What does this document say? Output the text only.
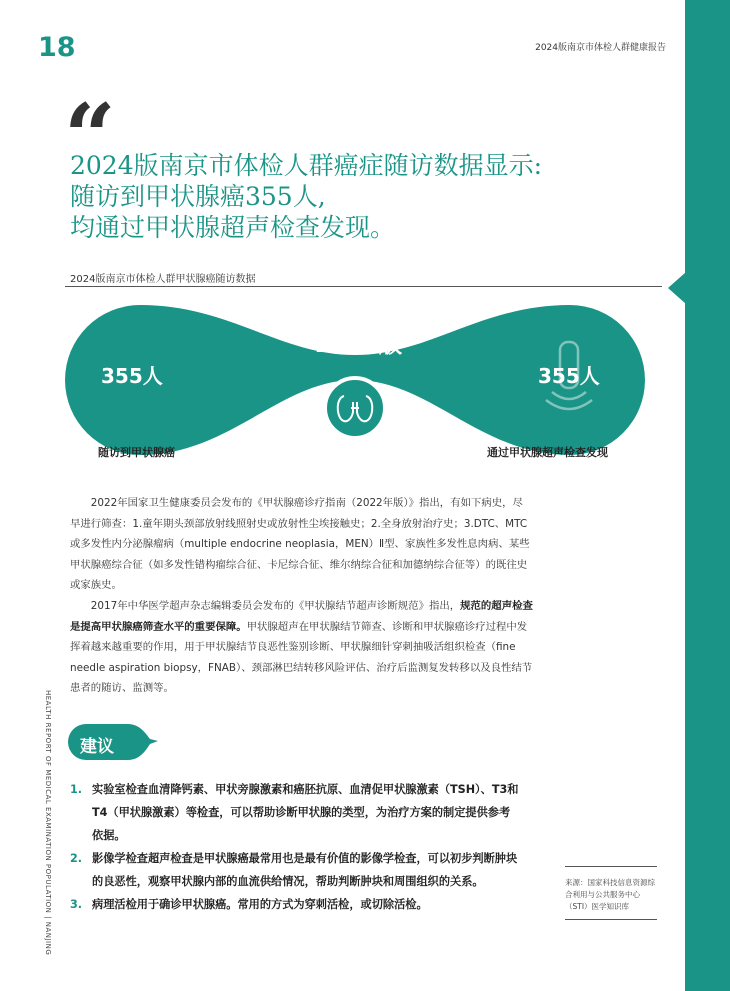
18	2024版南京市体检人群健康报告
“
2024版南京市体检人群癌症随访数据显示:
随访到甲状腺癌355人,
均通过甲状腺超声检查发现。
2024版南京市体检人群甲状腺癌随访数据
2024版
355人	355人
随访到甲状腺癌	通过甲状腺超声检查发现

2022年国家卫生健康委员会发布的《甲状腺癌诊疗指南（2022年版）》指出，有如下病史，尽早进行筛查：1.童年期头颈部放射线照射史或放射性尘埃接触史；2.全身放射治疗史；3.DTC、MTC或多发性内分泌腺瘤病（multiple endocrine neoplasia，MEN）Ⅱ型、家族性多发性息肉病、某些甲状腺癌综合征（如多发性错构瘤综合征、卡尼综合征、维尔纳综合征和加德纳综合征等）的既往史或家族史。

2017年中华医学超声杂志编辑委员会发布的《甲状腺结节超声诊断规范》指出，规范的超声检查是提高甲状腺癌筛查水平的重要保障。甲状腺超声在甲状腺结节筛查、诊断和甲状腺癌诊疗过程中发挥着越来越重要的作用，用于甲状腺结节良恶性鉴别诊断、甲状腺细针穿刺抽吸活组织检查（fine needle aspiration biopsy，FNAB）、颈部淋巴结转移风险评估、治疗后监测复发转移以及良性结节患者的随访、监测等。

HEALTH REPORT OF MEDICAL EXAMINATION POPULATION | NANJING 建议
1. 实验室检查血清降钙素、甲状旁腺激素和癌胚抗原、血清促甲状腺激素（TSH）、T3和T4（甲状腺激素）等检查，可以帮助诊断甲状腺的类型，为治疗方案的制定提供参考依据。
2. 影像学检查超声检查是甲状腺癌最常用也是最有价值的影像学检查，可以初步判断肿块的良恶性，观察甲状腺内部的血流供给情况，帮助判断肿块和周围组织的关系。
3. 病理活检用于确诊甲状腺癌。常用的方式为穿刺活检，或切除活检。
来源：国家科技信息资源综合利用与公共服务中心（STI）医学知识库
